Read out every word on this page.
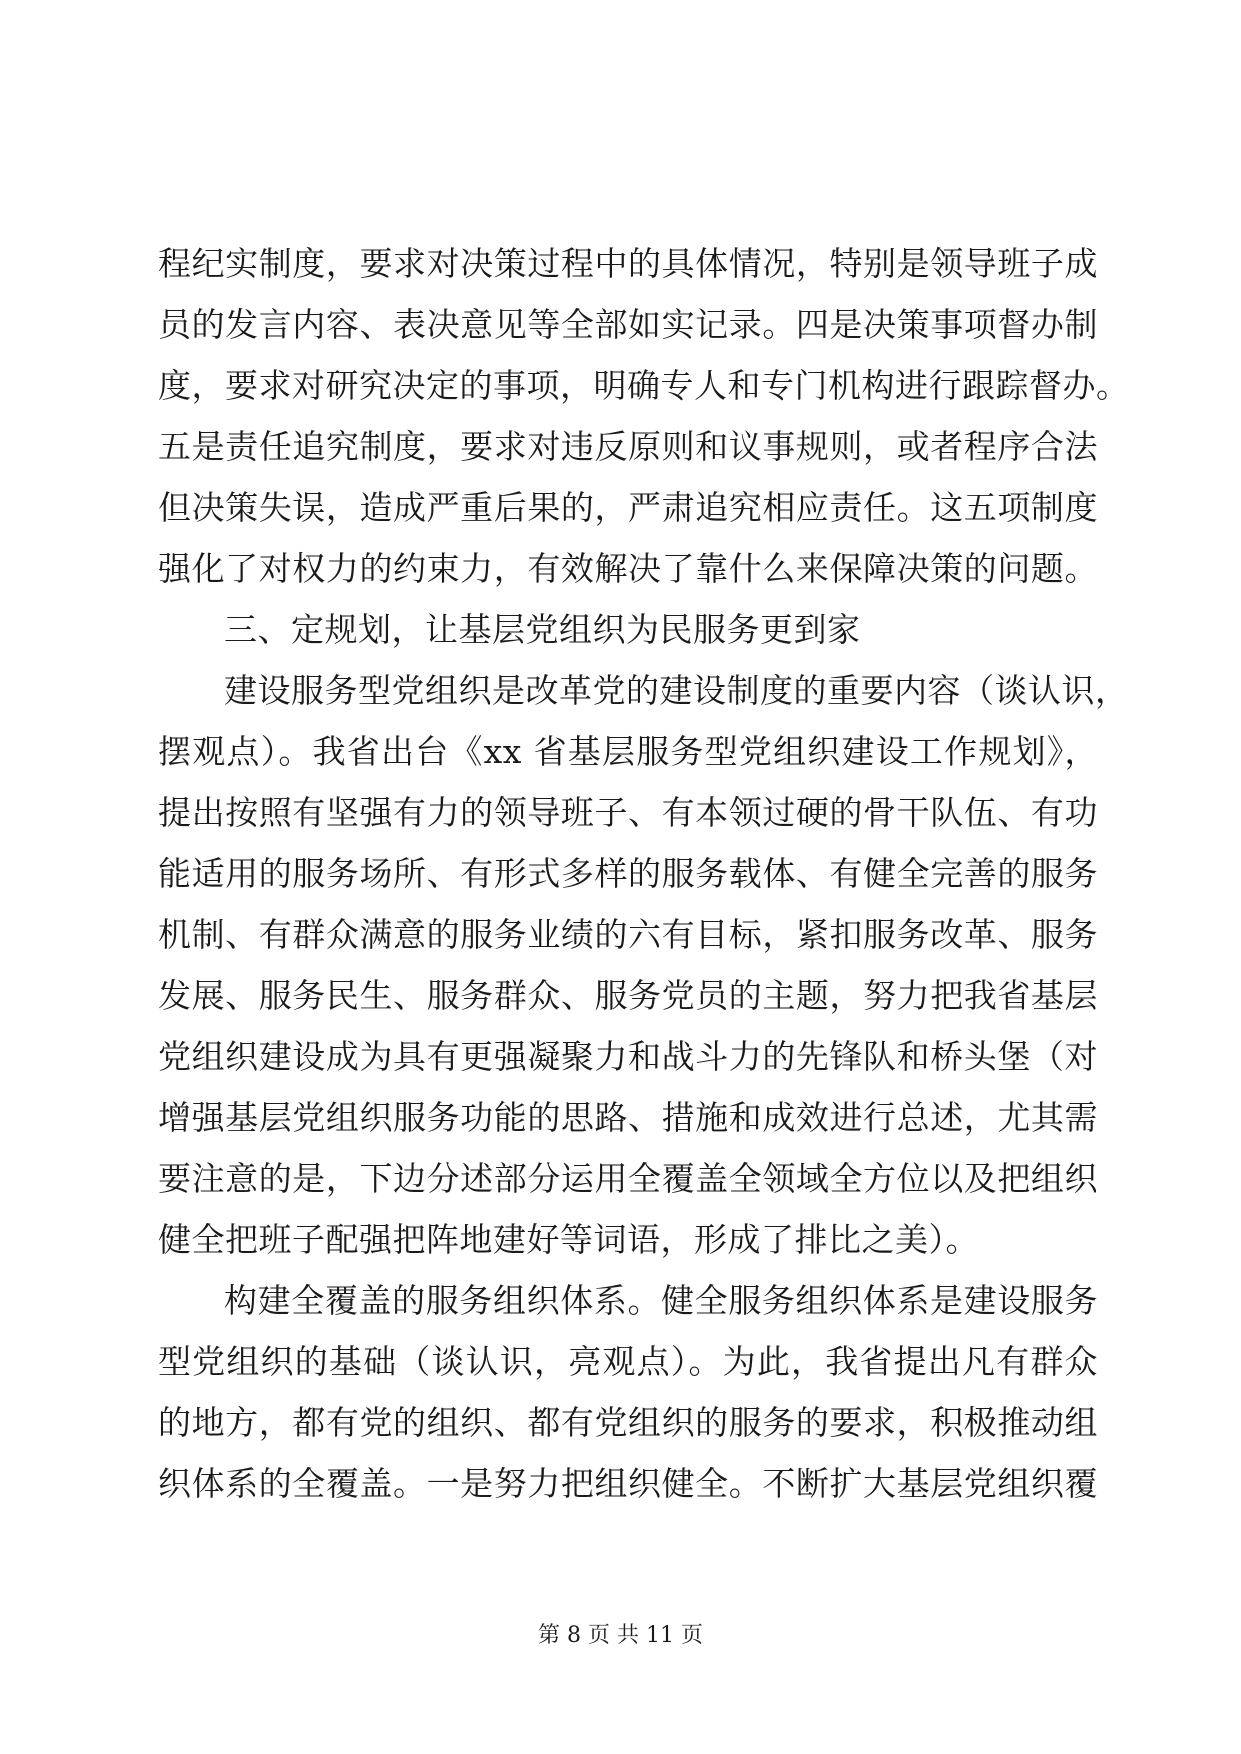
程纪实制度，要求对决策过程中的具体情况，特别是领导班子成
员的发言内容、表决意见等全部如实记录。四是决策事项督办制
度，要求对研究决定的事项，明确专人和专门机构进行跟踪督办。
五是责任追究制度，要求对违反原则和议事规则，或者程序合法
但决策失误，造成严重后果的，严肃追究相应责任。这五项制度
强化了对权力的约束力，有效解决了靠什么来保障决策的问题。
三、定规划，让基层党组织为民服务更到家
建设服务型党组织是改革党的建设制度的重要内容（谈认识，
摆观点）。我省出台《xx 省基层服务型党组织建设工作规划》，
提出按照有坚强有力的领导班子、有本领过硬的骨干队伍、有功
能适用的服务场所、有形式多样的服务载体、有健全完善的服务
机制、有群众满意的服务业绩的六有目标，紧扣服务改革、服务
发展、服务民生、服务群众、服务党员的主题，努力把我省基层
党组织建设成为具有更强凝聚力和战斗力的先锋队和桥头堡（对
增强基层党组织服务功能的思路、措施和成效进行总述，尤其需
要注意的是，下边分述部分运用全覆盖全领域全方位以及把组织
健全把班子配强把阵地建好等词语，形成了排比之美）。
构建全覆盖的服务组织体系。健全服务组织体系是建设服务
型党组织的基础（谈认识，亮观点）。为此，我省提出凡有群众
的地方，都有党的组织、都有党组织的服务的要求，积极推动组
织体系的全覆盖。一是努力把组织健全。不断扩大基层党组织覆
第 8 页 共 11 页
